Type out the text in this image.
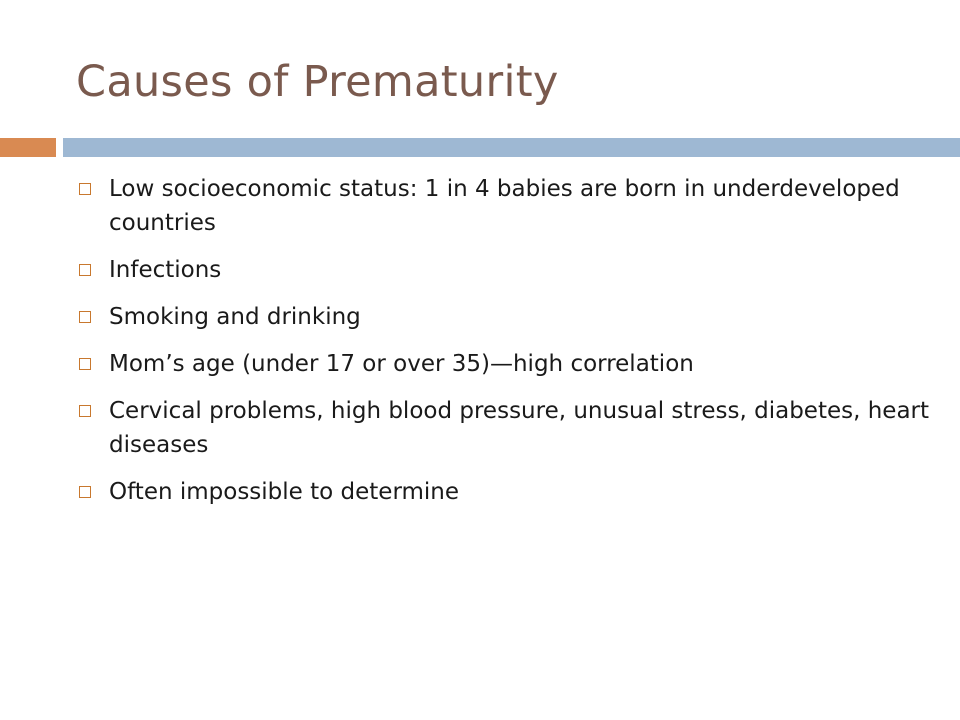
Causes of Prematurity
Low socioeconomic status: 1 in 4 babies are born in underdeveloped countries
Infections
Smoking and drinking
Mom’s age (under 17 or over 35)—high correlation
Cervical problems, high blood pressure, unusual stress, diabetes, heart diseases
Often impossible to determine
